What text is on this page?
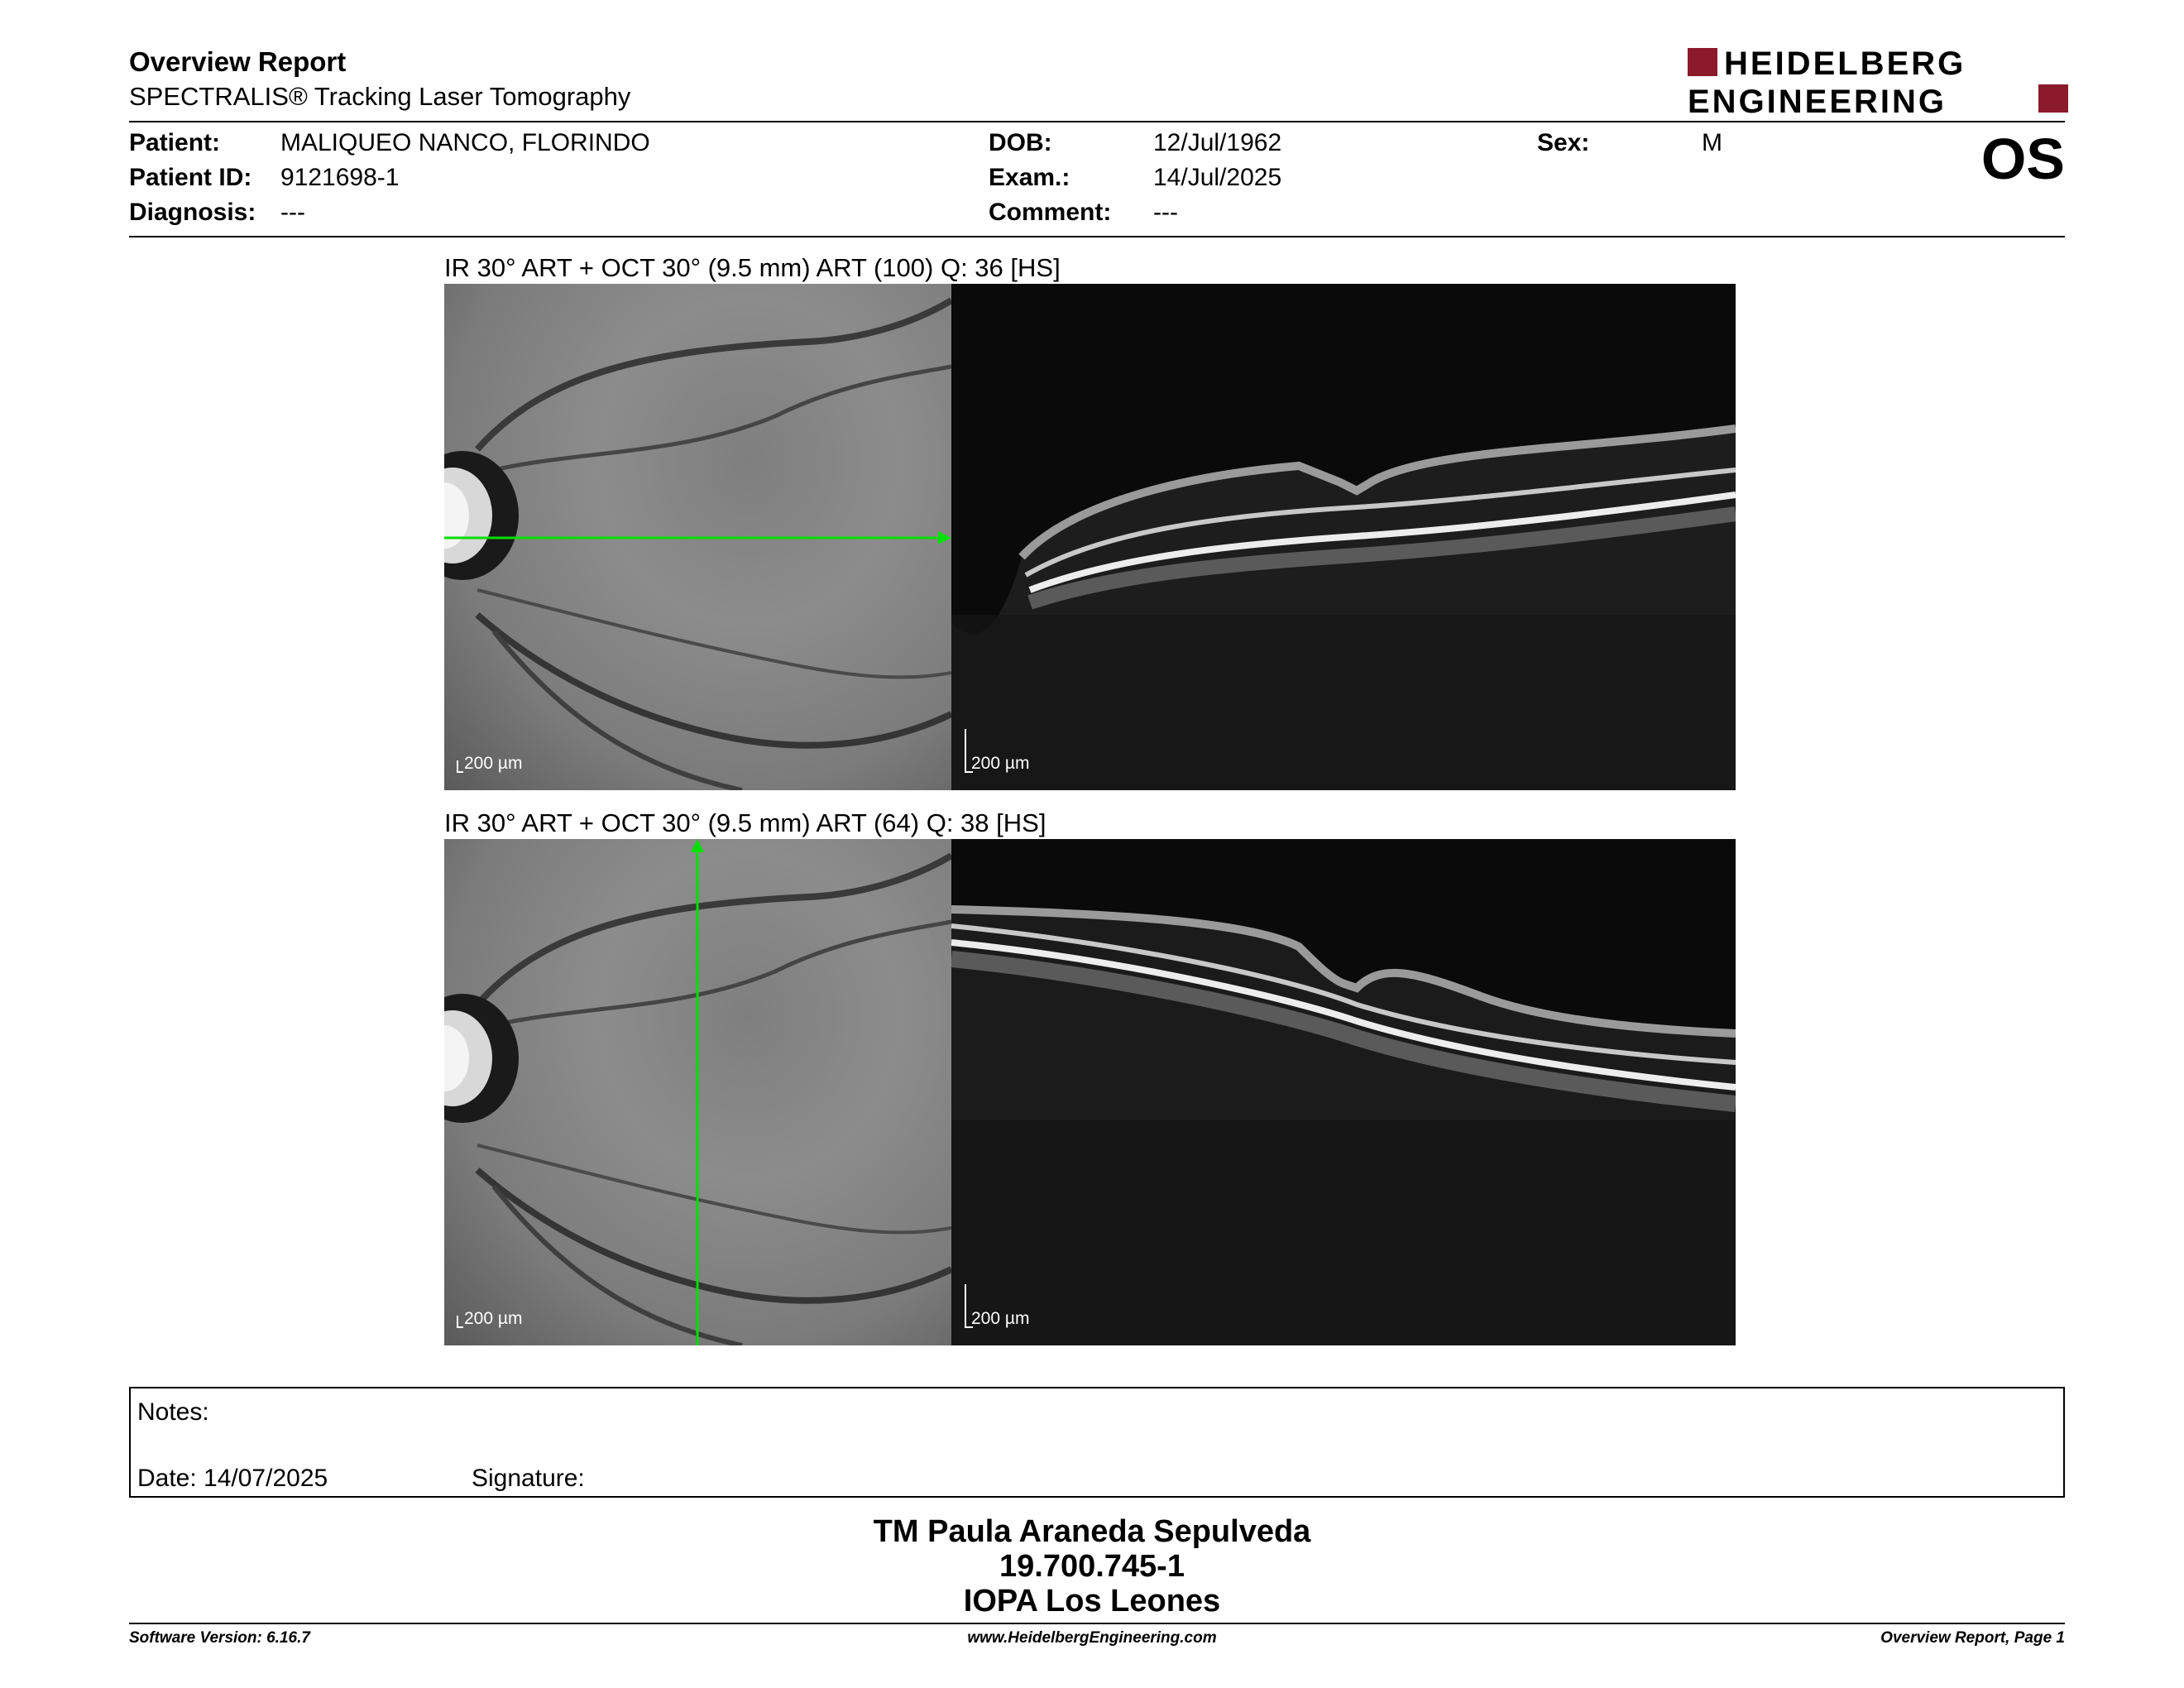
Overview Report
SPECTRALIS® Tracking Laser Tomography
HEIDELBERG
ENGINEERING
Patient: MALIQUEO NANCO, FLORINDO
Patient ID: 9121698-1
Diagnosis: ---
DOB:	12/Jul/1962
Exam.:	14/Jul/2025
Comment: ---
Sex:	M	OS
IR 30° ART + OCT 30° (9.5 mm) ART (100) Q: 36 [HS]
200 µm	200 µm
IR 30° ART + OCT 30° (9.5 mm) ART (64) Q: 38 [HS]
200 µm	200 µm
Notes:
Date: 14/07/2025	Signature:
TM Paula Araneda Sepulveda
19.700.745-1
IOPA Los Leones
Software Version: 6.16.7	www.HeidelbergEngineering.com	Overview Report, Page 1
